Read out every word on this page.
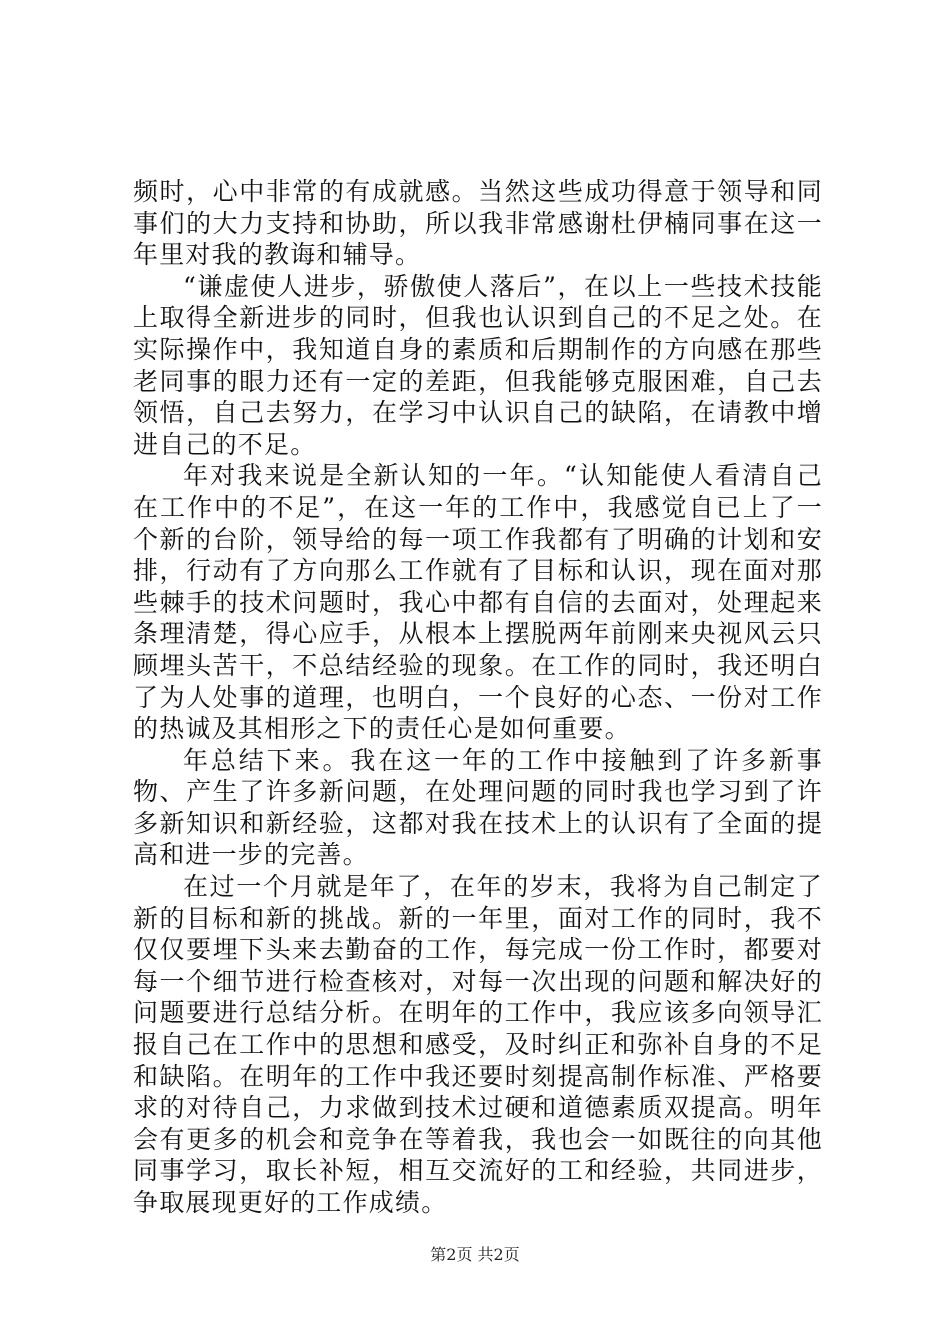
频时，心中非常的有成就感。当然这些成功得意于领导和同事们的大力支持和协助，所以我非常感谢杜伊楠同事在这一年里对我的教诲和辅导。

“谦虚使人进步，骄傲使人落后”，在以上一些技术技能上取得全新进步的同时，但我也认识到自己的不足之处。在实际操作中，我知道自身的素质和后期制作的方向感在那些老同事的眼力还有一定的差距，但我能够克服困难，自己去领悟，自己去努力，在学习中认识自己的缺陷，在请教中增进自己的不足。

年对我来说是全新认知的一年。“认知能使人看清自己在工作中的不足”，在这一年的工作中，我感觉自已上了一个新的台阶，领导给的每一项工作我都有了明确的计划和安排，行动有了方向那么工作就有了目标和认识，现在面对那些棘手的技术问题时，我心中都有自信的去面对，处理起来条理清楚，得心应手，从根本上摆脱两年前刚来央视风云只顾埋头苦干，不总结经验的现象。在工作的同时，我还明白了为人处事的道理，也明白，一个良好的心态、一份对工作的热诚及其相形之下的责任心是如何重要。

年总结下来。我在这一年的工作中接触到了许多新事物、产生了许多新问题，在处理问题的同时我也学习到了许多新知识和新经验，这都对我在技术上的认识有了全面的提高和进一步的完善。

在过一个月就是年了，在年的岁末，我将为自己制定了新的目标和新的挑战。新的一年里，面对工作的同时，我不仅仅要埋下头来去勤奋的工作，每完成一份工作时，都要对每一个细节进行检查核对，对每一次出现的问题和解决好的问题要进行总结分析。在明年的工作中，我应该多向领导汇报自己在工作中的思想和感受，及时纠正和弥补自身的不足和缺陷。在明年的工作中我还要时刻提高制作标准、严格要求的对待自己，力求做到技术过硬和道德素质双提高。明年会有更多的机会和竞争在等着我，我也会一如既往的向其他同事学习，取长补短，相互交流好的工和经验，共同进步，争取展现更好的工作成绩。

第2页 共2页
